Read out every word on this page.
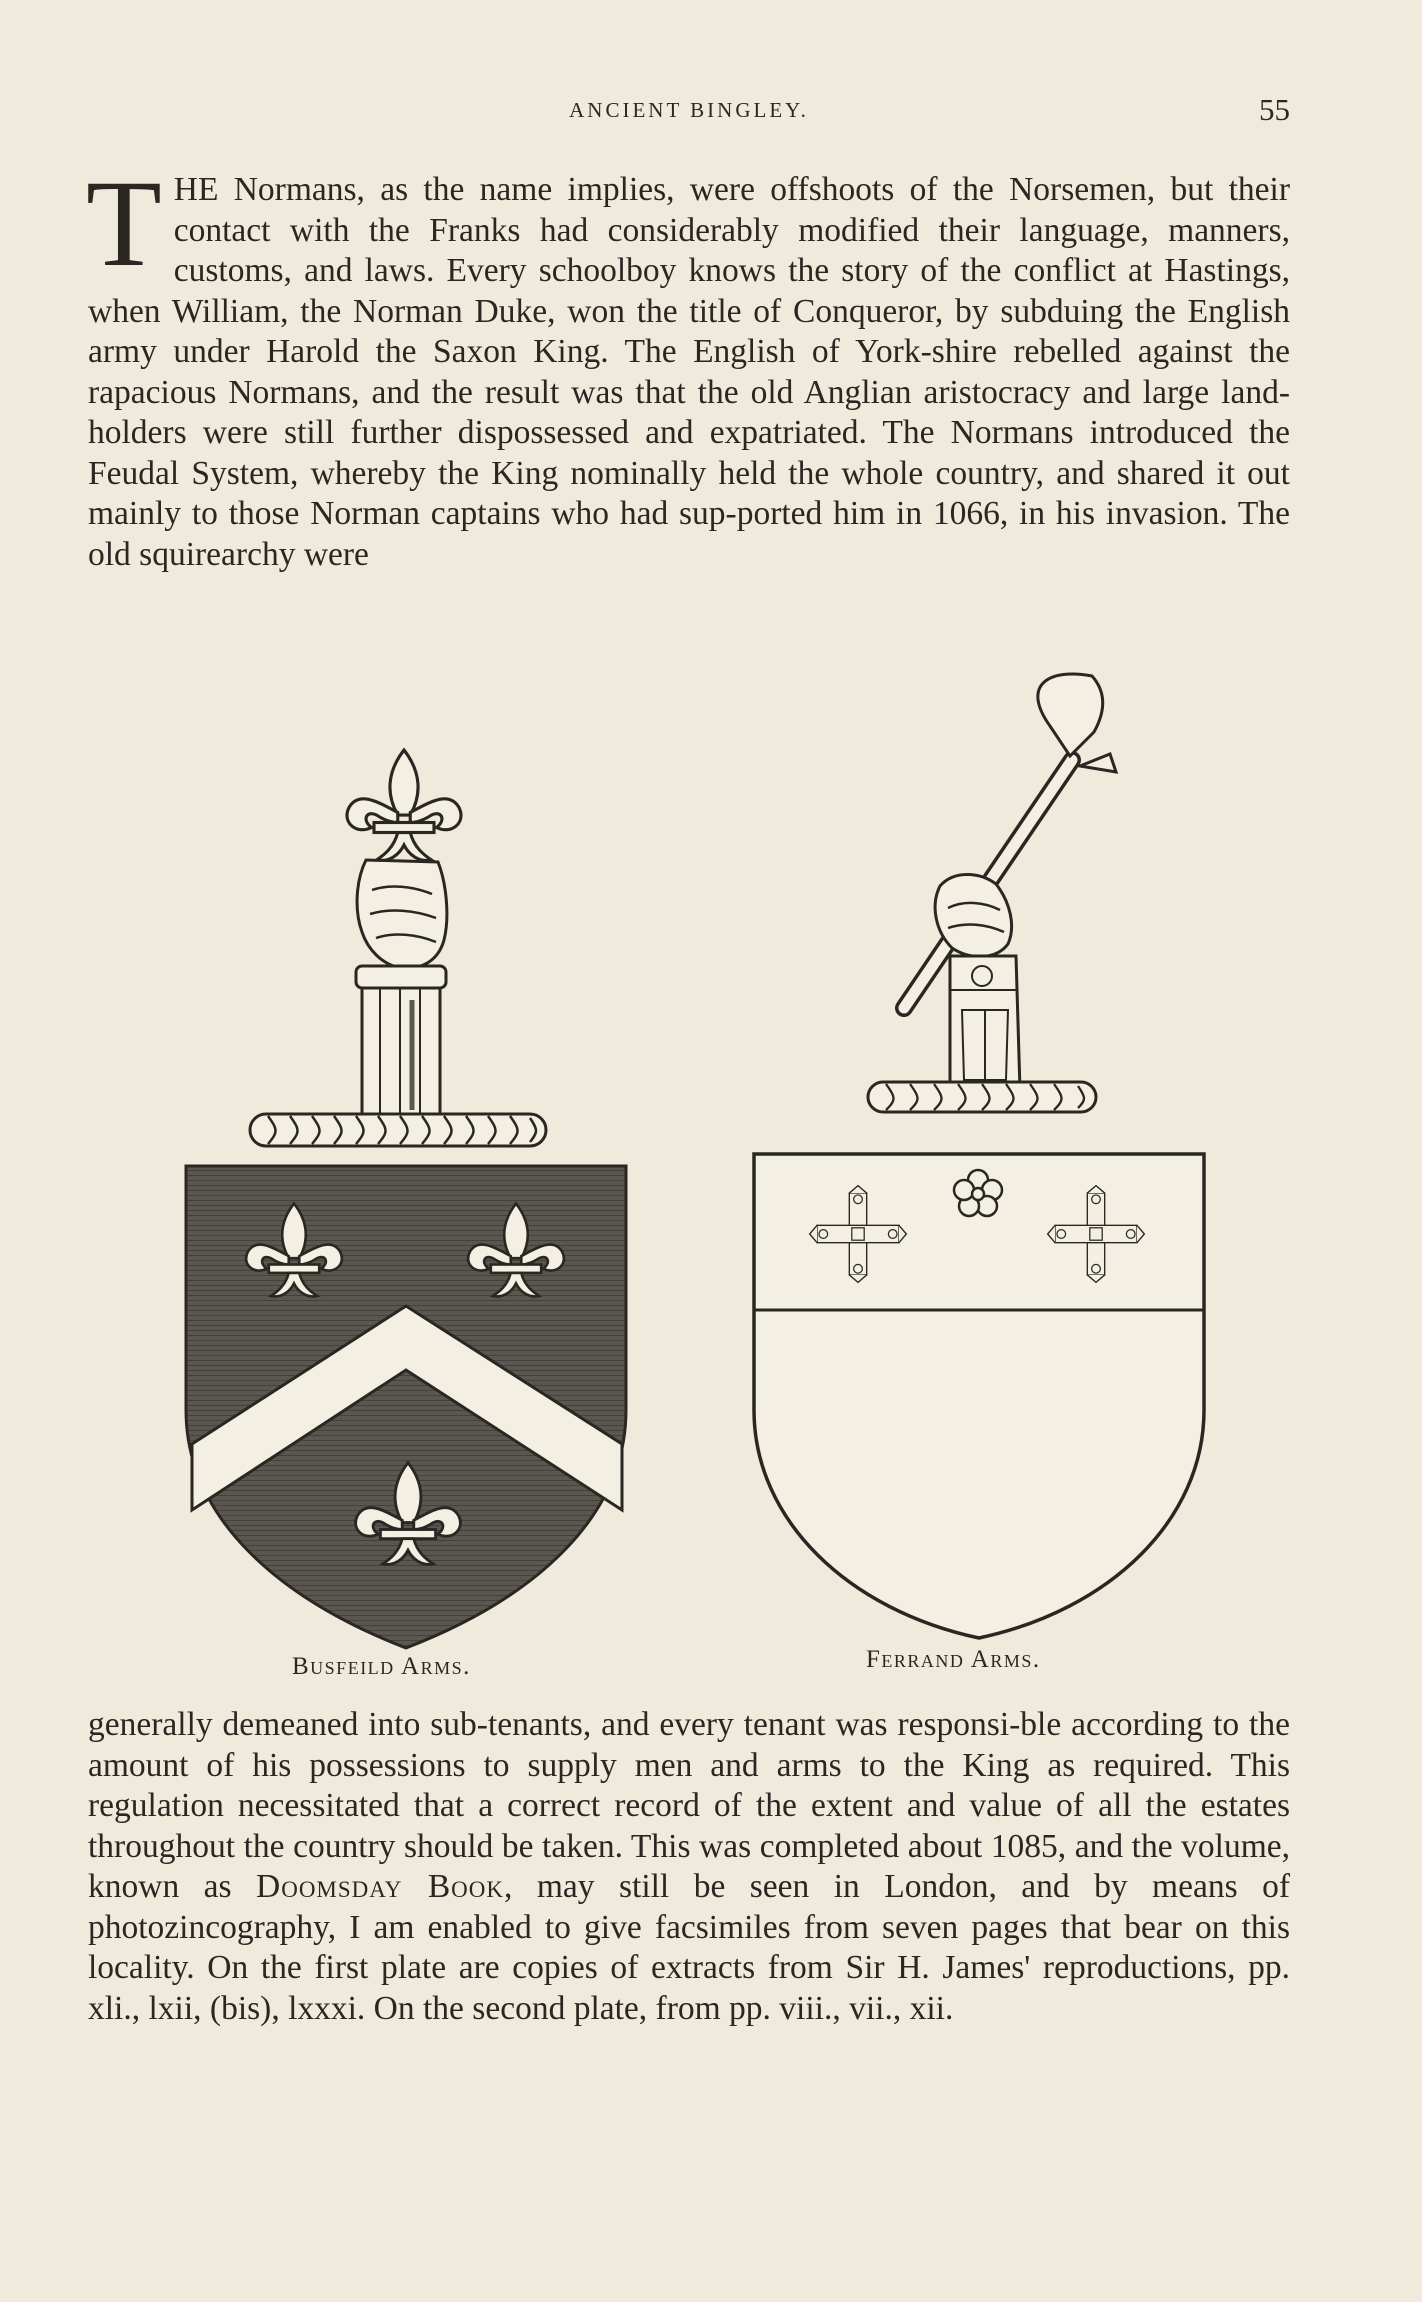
ANCIENT BINGLEY.	55

THE Normans, as the name implies, were offshoots of the Norsemen, but their contact with the Franks had considerably modified their language, manners, customs, and laws. Every schoolboy knows the story of the conflict at Hastings, when William, the Norman Duke, won the title of Conqueror, by subduing the English army under Harold the Saxon King. The English of York-shire rebelled against the rapacious Normans, and the result was that the old Anglian aristocracy and large land-holders were still further dispossessed and expatriated. The Normans introduced the Feudal System, whereby the King nominally held the whole country, and shared it out mainly to those Norman captains who had sup-ported him in 1066, in his invasion. The old squirearchy were

Busfeild Arms.	Ferrand Arms.

generally demeaned into sub-tenants, and every tenant was responsi-ble according to the amount of his possessions to supply men and arms to the King as required. This regulation necessitated that a correct record of the extent and value of all the estates throughout the country should be taken. This was completed about 1085, and the volume, known as Doomsday Book, may still be seen in London, and by means of photozincography, I am enabled to give facsimiles from seven pages that bear on this locality. On the first plate are copies of extracts from Sir H. James' reproductions, pp. xli., lxii, (bis), lxxxi. On the second plate, from pp. viii., vii., xii.
